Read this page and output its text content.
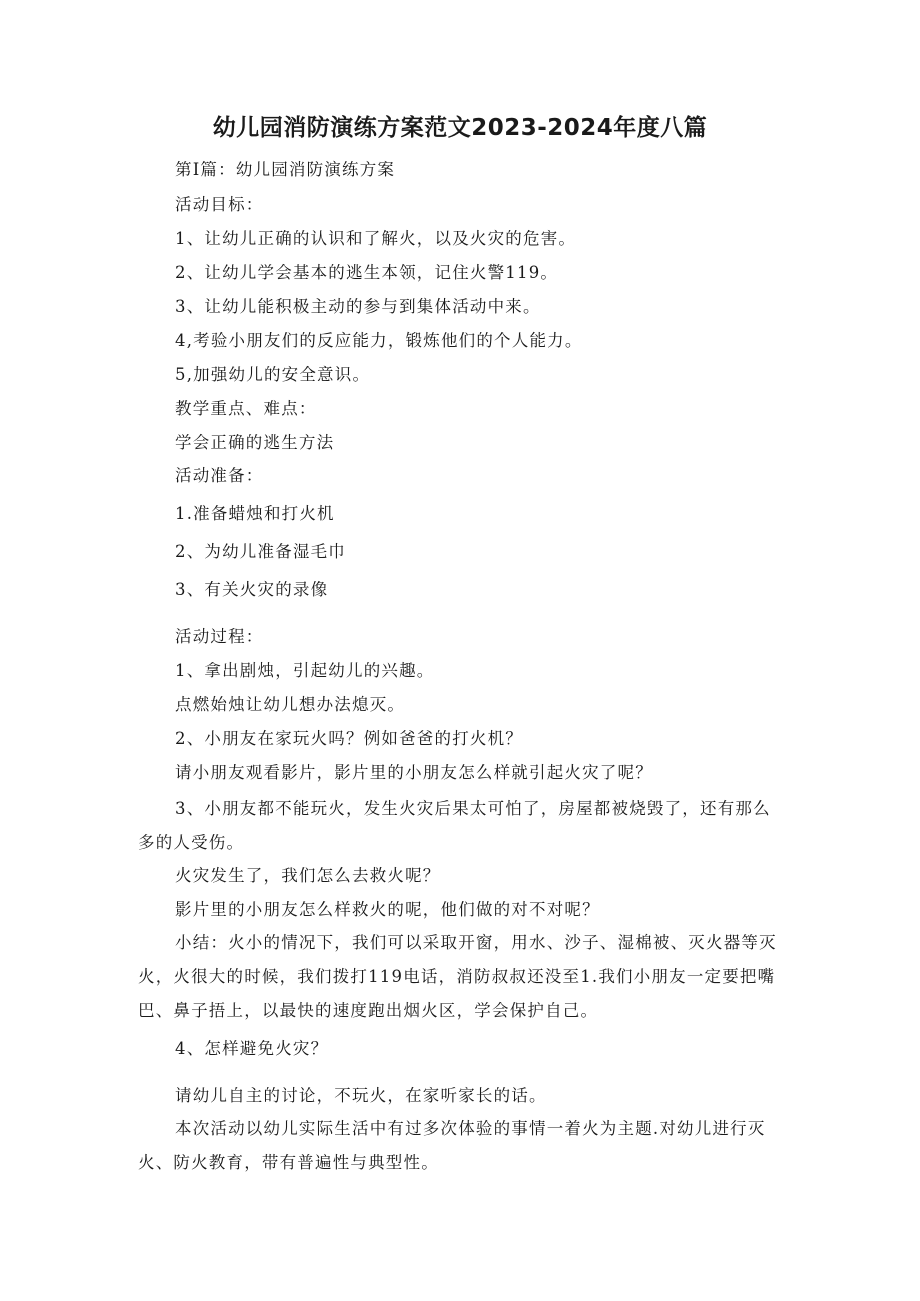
幼儿园消防演练方案范文2023-2024年度八篇

第Ⅰ篇：幼儿园消防演练方案

活动目标：

1、让幼儿正确的认识和了解火，以及火灾的危害。

2、让幼儿学会基本的逃生本领，记住火警119。

3、让幼儿能积极主动的参与到集体活动中来。

4,考验小朋友们的反应能力，锻炼他们的个人能力。

5,加强幼儿的安全意识。

教学重点、难点：

学会正确的逃生方法

活动准备：

1.准备蜡烛和打火机

2、为幼儿准备湿毛巾

3、有关火灾的录像

活动过程：

1、拿出剧烛，引起幼儿的兴趣。

点燃始烛让幼儿想办法熄灭。

2、小朋友在家玩火吗？例如爸爸的打火机？

请小朋友观看影片，影片里的小朋友怎么样就引起火灾了呢？

3、小朋友都不能玩火，发生火灾后果太可怕了，房屋都被烧毁了，还有那么多的人受伤。

火灾发生了，我们怎么去救火呢？

影片里的小朋友怎么样救火的呢，他们做的对不对呢？

小结：火小的情况下，我们可以采取开窗，用水、沙子、湿棉被、灭火器等灭火，火很大的时候，我们拨打119电话，消防叔叔还没至1.我们小朋友一定要把嘴巴、鼻子捂上，以最快的速度跑出烟火区，学会保护自己。

4、怎样避免火灾？

请幼儿自主的讨论，不玩火，在家听家长的话。

本次活动以幼儿实际生活中有过多次体验的事情一着火为主题.对幼儿进行灭火、防火教育，带有普遍性与典型性。
